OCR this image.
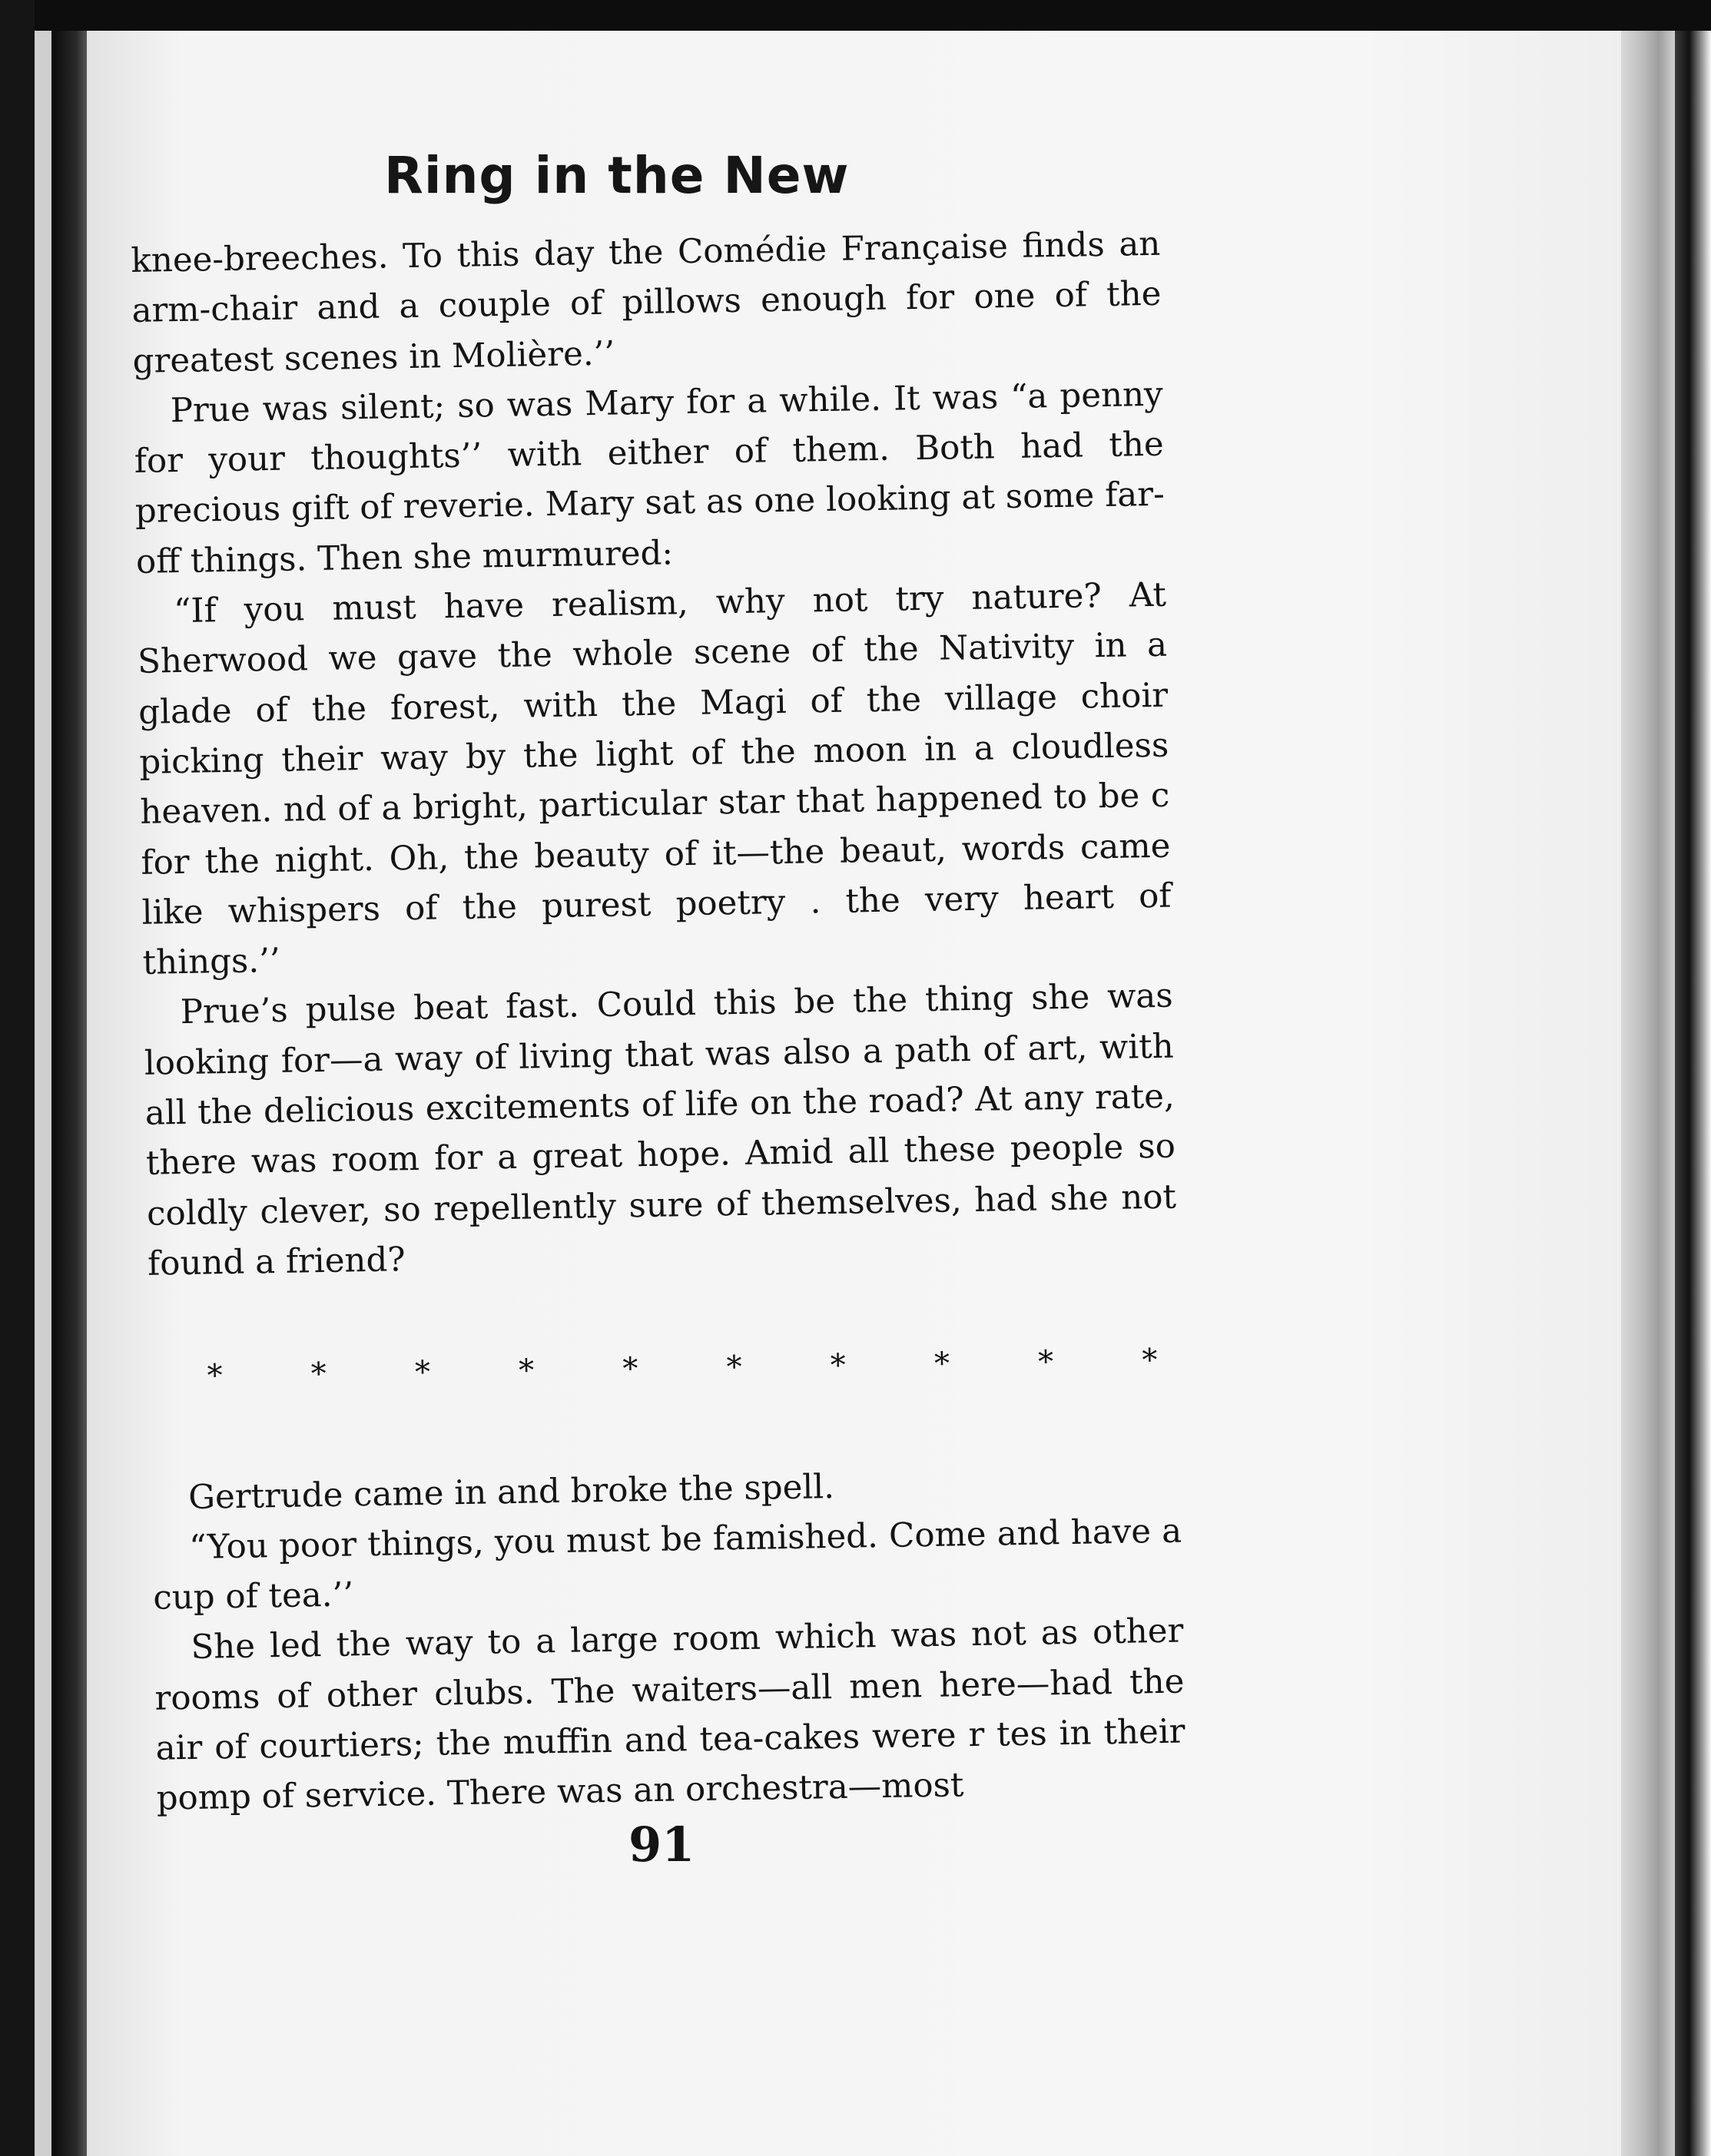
Ring in the New

knee-breeches. To this day the Comédie Française finds an arm-chair and a couple of pillows enough for one of the greatest scenes in Molière.’’

Prue was silent; so was Mary for a while. It was “a penny for your thoughts’’ with either of them. Both had the precious gift of reverie. Mary sat as one looking at some far-off things. Then she murmured:

“If you must have realism, why not try nature? At Sherwood we gave the whole scene of the Nativity in a glade of the forest, with the Magi of the village choir picking their way by the light of the moon in a cloudless heaven. nd of a bright, particular star that happened to be c for the night. Oh, the beauty of it—the beaut, words came like whispers of the purest poetry . the very heart of things.’’

Prue’s pulse beat fast. Could this be the thing she was looking for—a way of living that was also a path of art, with all the delicious excitements of life on the road? At any rate, there was room for a great hope. Amid all these people so coldly clever, so repellently sure of themselves, had she not found a friend?

*	*	*	*	*	*	*	*	*	*

Gertrude came in and broke the spell.

“You poor things, you must be famished. Come and have a cup of tea.’’

She led the way to a large room which was not as other rooms of other clubs. The waiters—all men here—had the air of courtiers; the muffin and tea-cakes were r tes in their pomp of service. There was an orchestra—most

91
